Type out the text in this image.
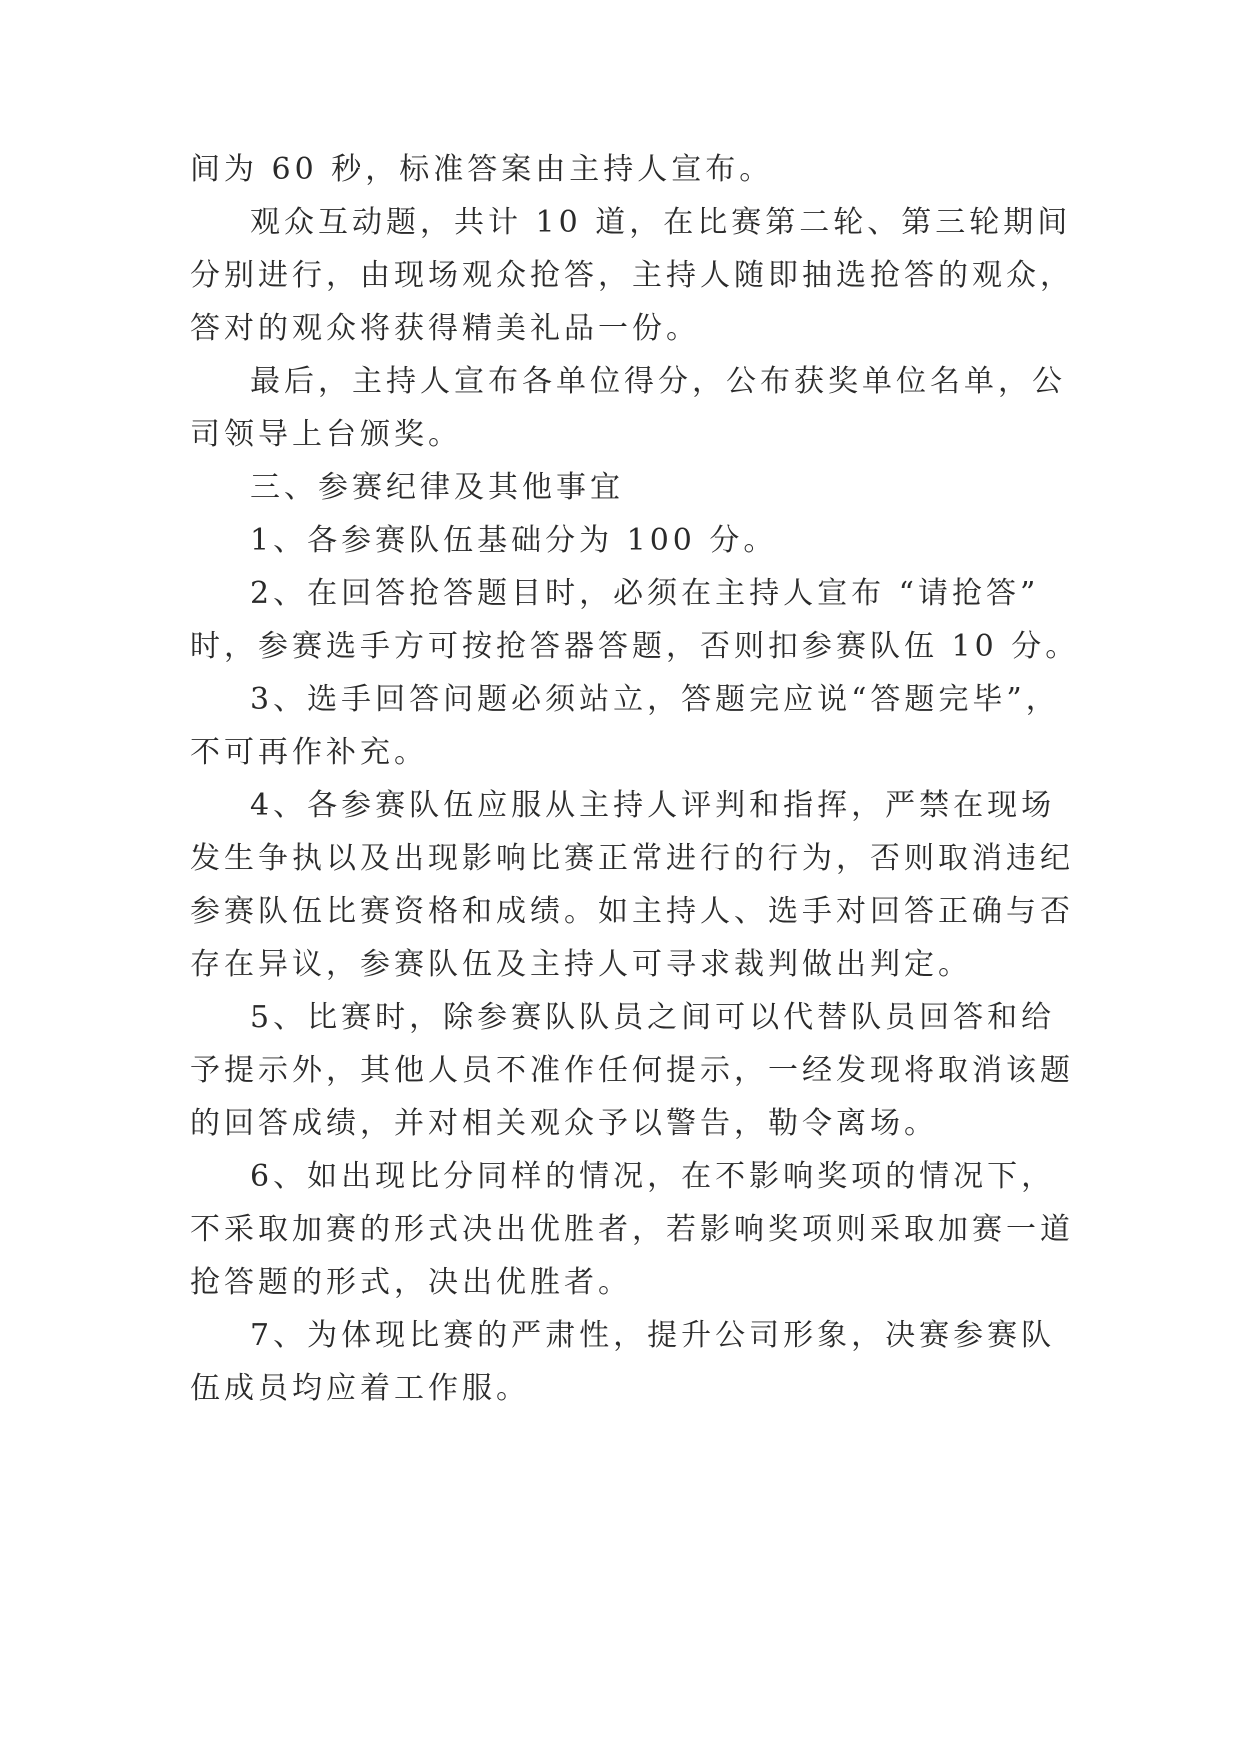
间为 60 秒，标准答案由主持人宣布。
观众互动题，共计 10 道，在比赛第二轮、第三轮期间
分别进行，由现场观众抢答，主持人随即抽选抢答的观众，
答对的观众将获得精美礼品一份。
最后，主持人宣布各单位得分，公布获奖单位名单，公
司领导上台颁奖。
三、参赛纪律及其他事宜
1、各参赛队伍基础分为 100 分。
2、在回答抢答题目时，必须在主持人宣布 “请抢答”
时，参赛选手方可按抢答器答题，否则扣参赛队伍 10 分。
3、选手回答问题必须站立，答题完应说“答题完毕”，
不可再作补充。
4、各参赛队伍应服从主持人评判和指挥，严禁在现场
发生争执以及出现影响比赛正常进行的行为，否则取消违纪
参赛队伍比赛资格和成绩。如主持人、选手对回答正确与否
存在异议，参赛队伍及主持人可寻求裁判做出判定。
5、比赛时，除参赛队队员之间可以代替队员回答和给
予提示外，其他人员不准作任何提示，一经发现将取消该题
的回答成绩，并对相关观众予以警告，勒令离场。
6、如出现比分同样的情况，在不影响奖项的情况下，
不采取加赛的形式决出优胜者，若影响奖项则采取加赛一道
抢答题的形式，决出优胜者。
7、为体现比赛的严肃性，提升公司形象，决赛参赛队
伍成员均应着工作服。
